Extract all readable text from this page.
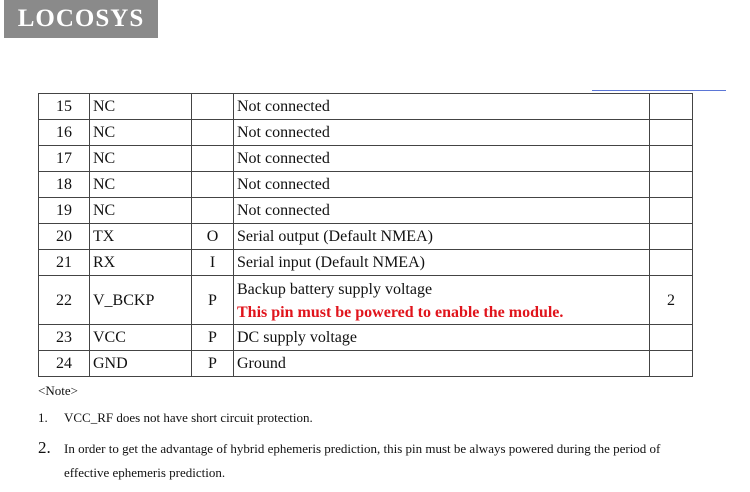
LOCOSYS
15	NC		Not connected	

16	NC		Not connected	

17	NC		Not connected	

18	NC		Not connected	

19	NC		Not connected	

20	TX	O	Serial output (Default NMEA)	

21	RX	I	Serial input (Default NMEA)	

22	V_BCKP	P	Backup battery supply voltage
This pin must be powered to enable the module.	2
23	VCC	P	DC supply voltage	

24	GND	P	Ground	

<Note>
1. VCC_RF does not have short circuit protection.
2. In order to get the advantage of hybrid ephemeris prediction, this pin must be always powered during the period of
effective ephemeris prediction.
